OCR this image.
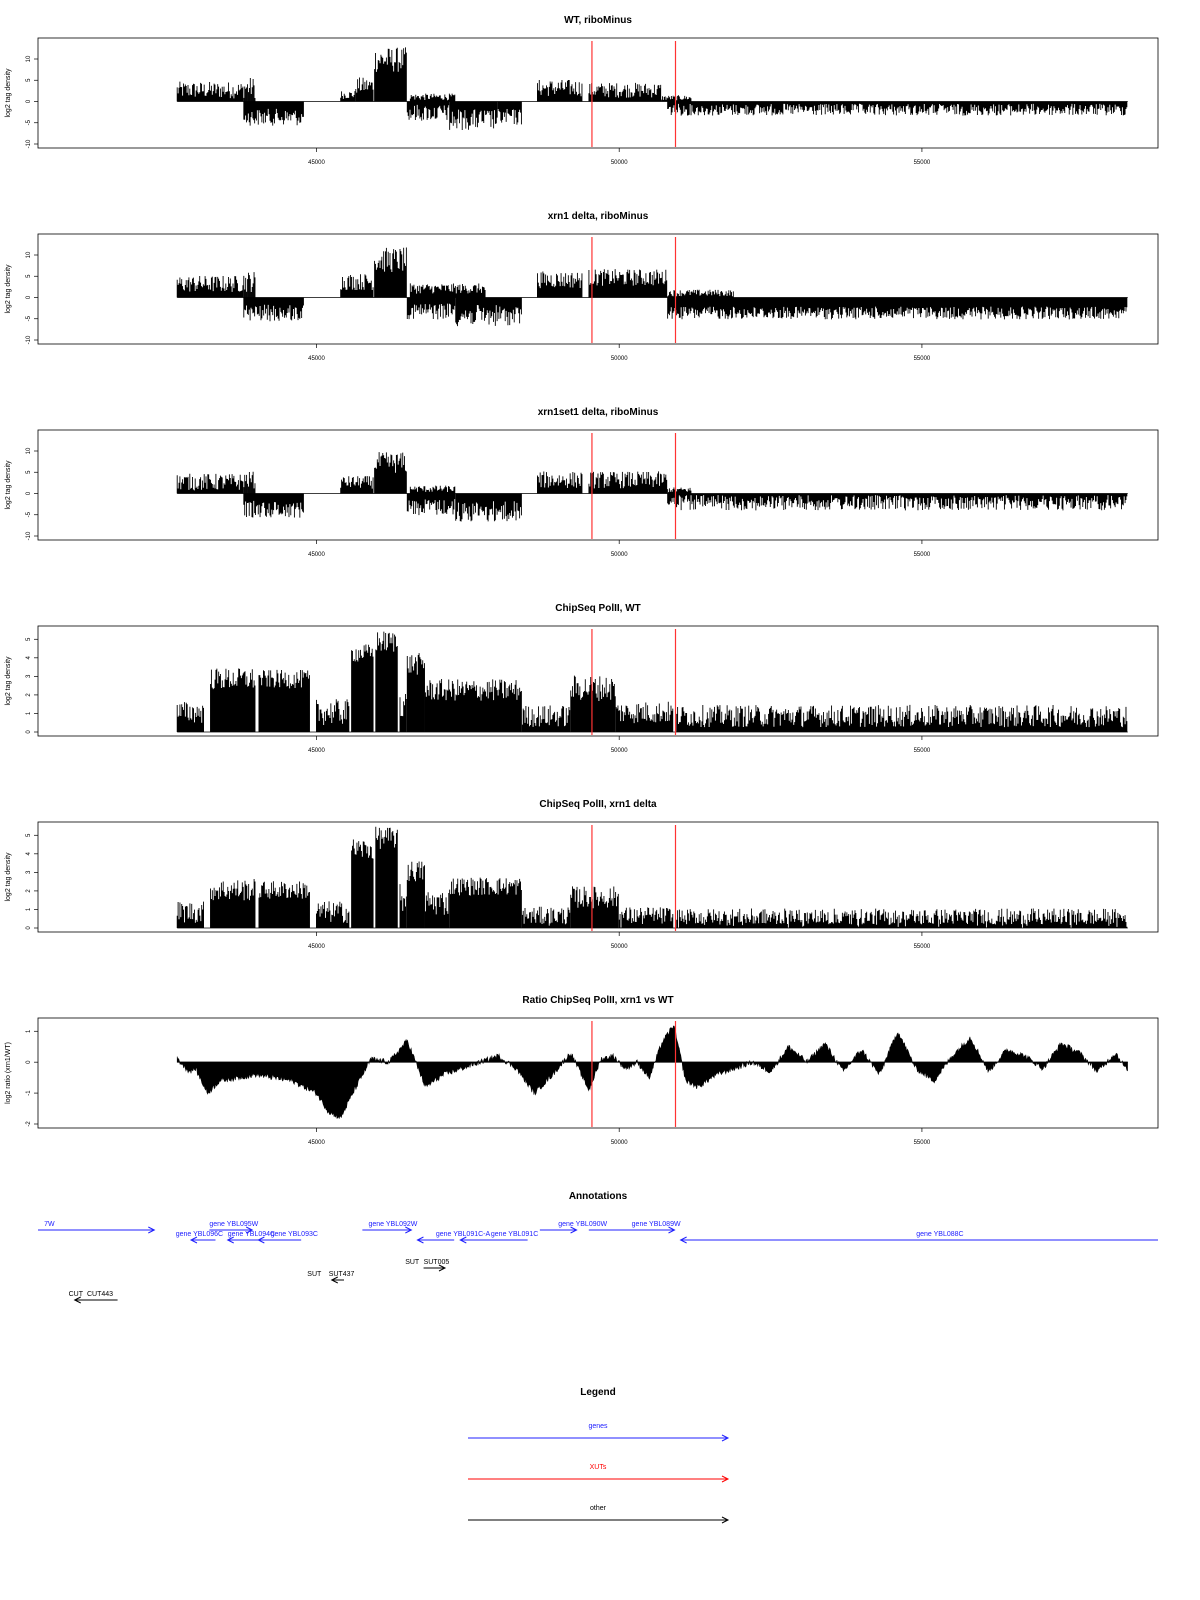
WT, riboMinus
-10
-5
0
5
10
log2 tag density
45000	50000	55000
xrn1 delta, riboMinus
-10
-5
0
5
10
log2 tag density
45000	50000	55000
xrn1set1 delta, riboMinus
-10
-5
0
5
10
log2 tag density
45000	50000	55000
ChipSeq PolII, WT
0
1
2
3
4
5
log2 tag density
45000	50000	55000
ChipSeq PolII, xrn1 delta
0
1
2
3
4
5
log2 tag density
45000	50000	55000
Ratio ChipSeq PolII, xrn1 vs WT
-2
-1
0
1
log2 ratio (xrn1/WT)
45000	50000	55000
Annotations
7W	gene YBL095W
gene YBL096C gene YBL094C
gene YBL093C
gene YBL092W
gene YBL091C-A gene YBL091C
gene YBL090W	gene YBL089W
gene YBL088C
SUT SUT005
SUT SUT437
CUT CUT443
Legend
genes
XUTs
other
